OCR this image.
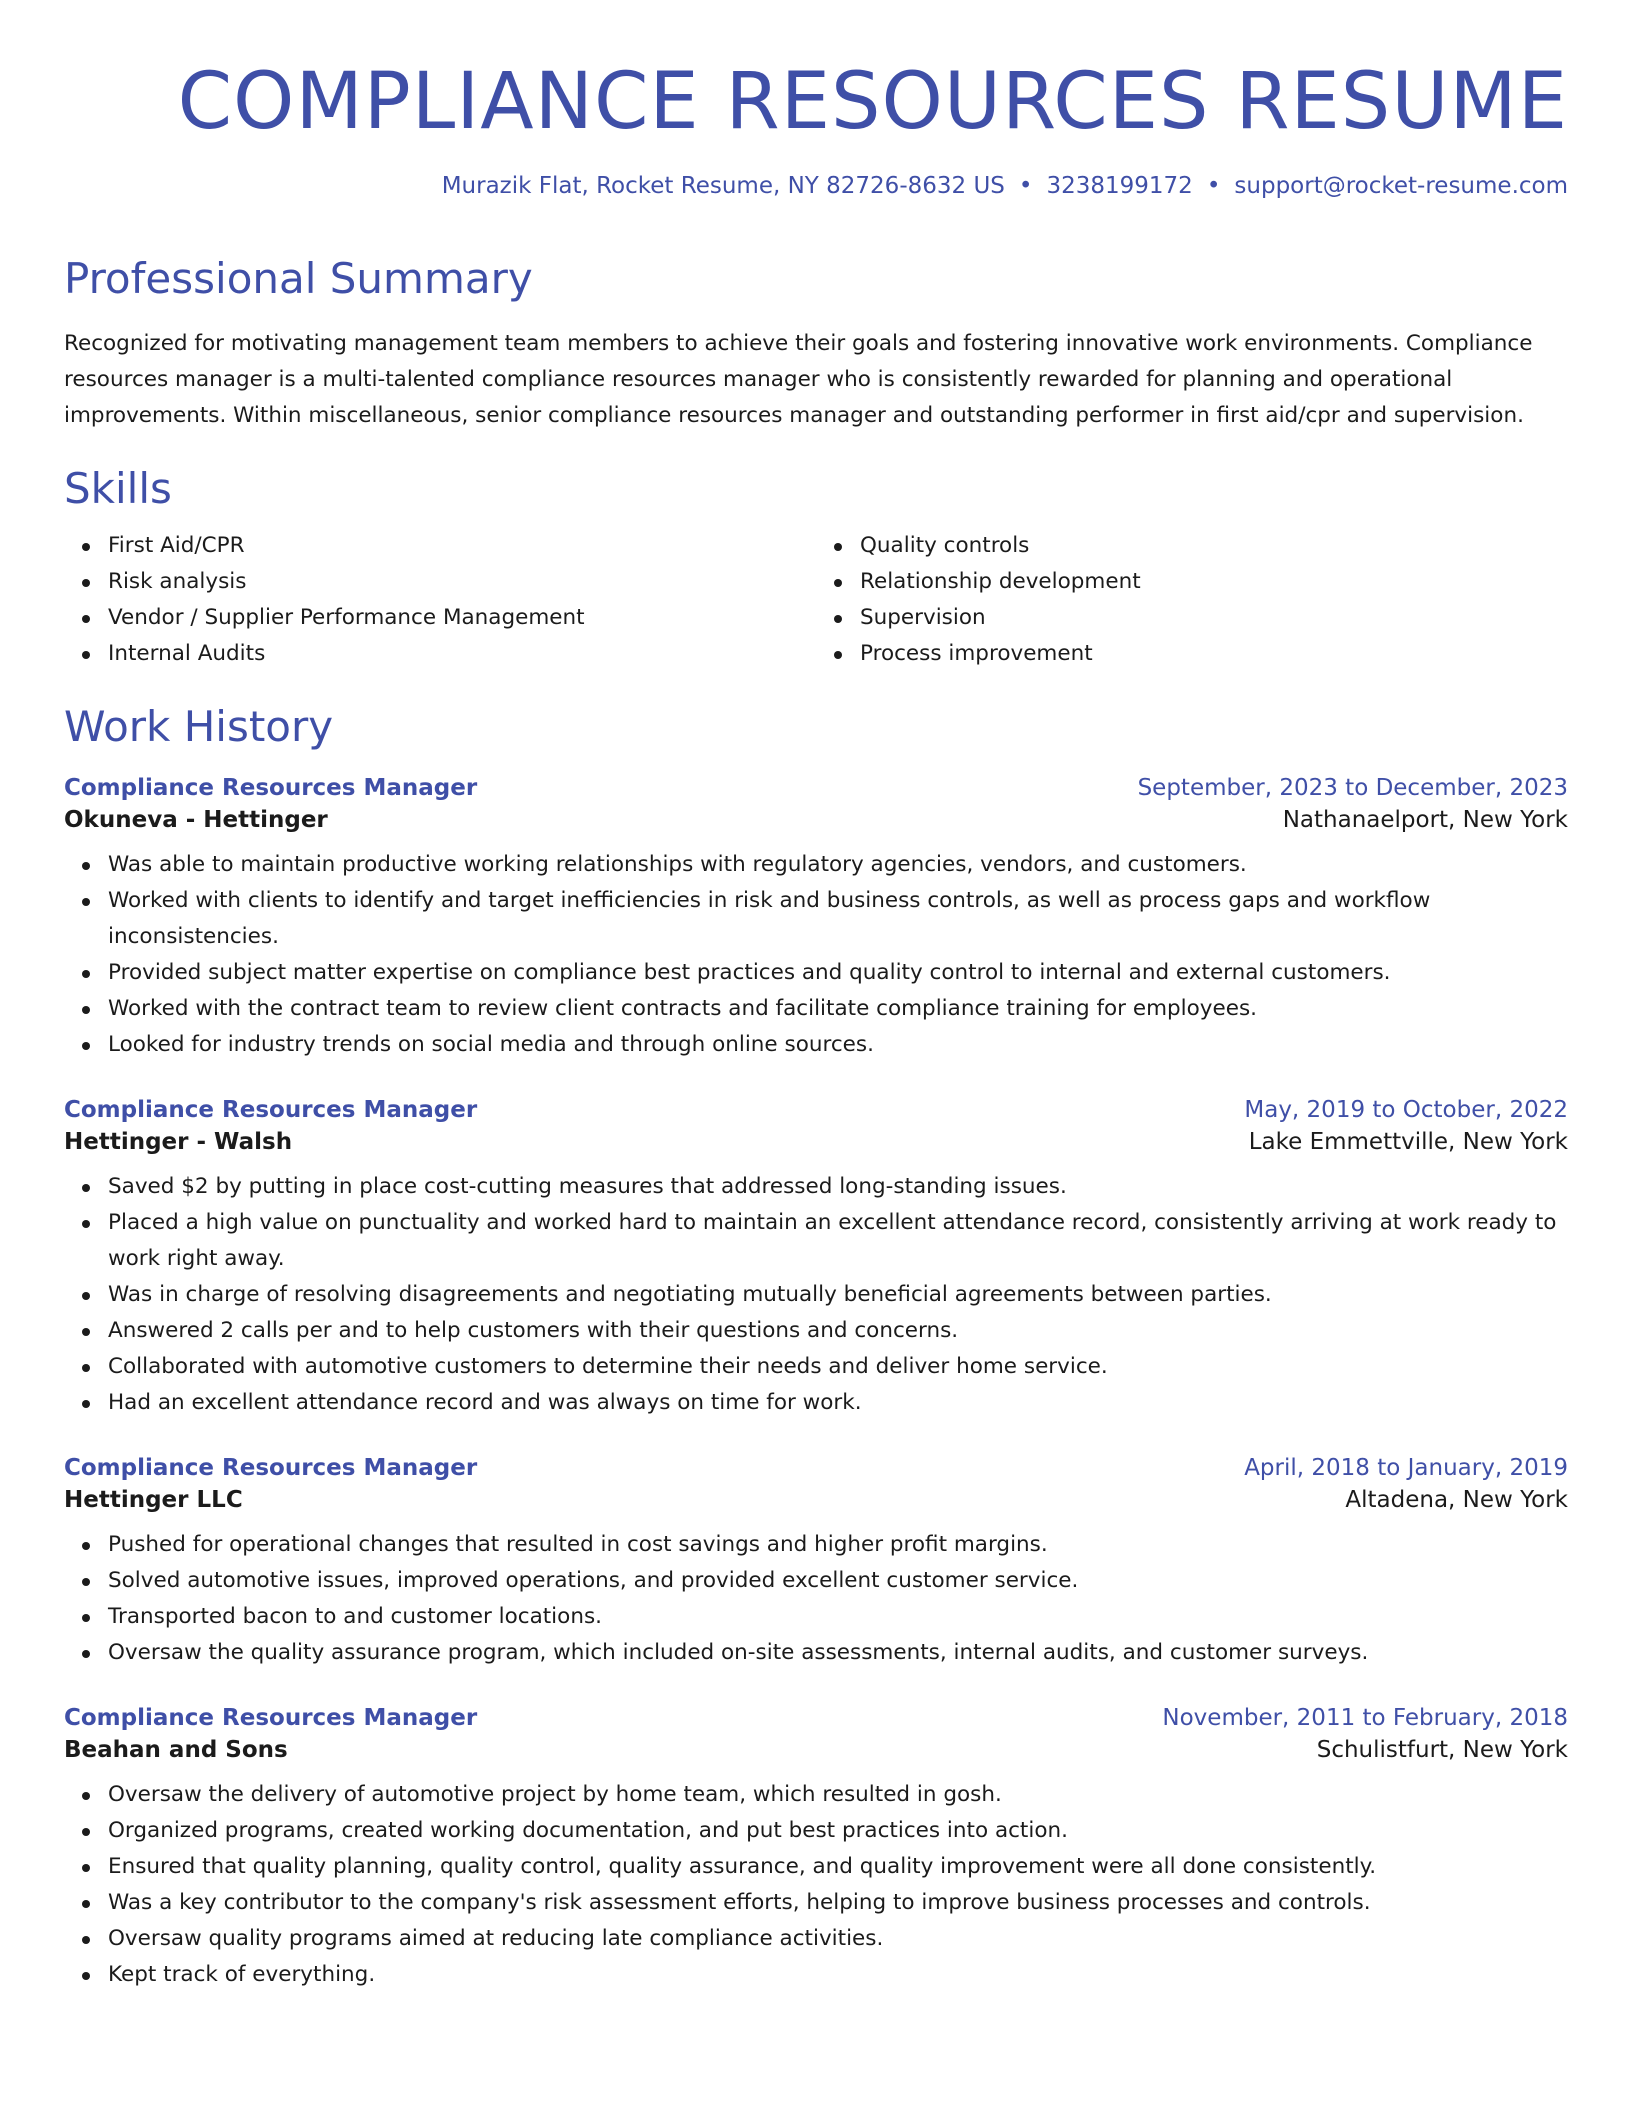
COMPLIANCE RESOURCES RESUME
Murazik Flat, Rocket Resume, NY 82726-8632 US • 3238199172 • support@rocket-resume.com
Professional Summary
Recognized for motivating management team members to achieve their goals and fostering innovative work environments. Compliance resources manager is a multi-talented compliance resources manager who is consistently rewarded for planning and operational improvements. Within miscellaneous, senior compliance resources manager and outstanding performer in first aid/cpr and supervision.
Skills
First Aid/CPR
Risk analysis
Vendor / Supplier Performance Management
Internal Audits
Quality controls
Relationship development
Supervision
Process improvement
Work History
Compliance Resources Manager	September, 2023 to December, 2023
Okuneva - Hettinger	Nathanaelport, New York
Was able to maintain productive working relationships with regulatory agencies, vendors, and customers.
Worked with clients to identify and target inefficiencies in risk and business controls, as well as process gaps and workflow inconsistencies.
Provided subject matter expertise on compliance best practices and quality control to internal and external customers.
Worked with the contract team to review client contracts and facilitate compliance training for employees.
Looked for industry trends on social media and through online sources.
Compliance Resources Manager	May, 2019 to October, 2022
Hettinger - Walsh	Lake Emmettville, New York
Saved $2 by putting in place cost-cutting measures that addressed long-standing issues.
Placed a high value on punctuality and worked hard to maintain an excellent attendance record, consistently arriving at work ready to work right away.
Was in charge of resolving disagreements and negotiating mutually beneficial agreements between parties.
Answered 2 calls per and to help customers with their questions and concerns.
Collaborated with automotive customers to determine their needs and deliver home service.
Had an excellent attendance record and was always on time for work.
Compliance Resources Manager	April, 2018 to January, 2019
Hettinger LLC	Altadena, New York
Pushed for operational changes that resulted in cost savings and higher profit margins.
Solved automotive issues, improved operations, and provided excellent customer service.
Transported bacon to and customer locations.
Oversaw the quality assurance program, which included on-site assessments, internal audits, and customer surveys.
Compliance Resources Manager	November, 2011 to February, 2018
Beahan and Sons	Schulistfurt, New York
Oversaw the delivery of automotive project by home team, which resulted in gosh.
Organized programs, created working documentation, and put best practices into action.
Ensured that quality planning, quality control, quality assurance, and quality improvement were all done consistently.
Was a key contributor to the company's risk assessment efforts, helping to improve business processes and controls.
Oversaw quality programs aimed at reducing late compliance activities.
Kept track of everything.
